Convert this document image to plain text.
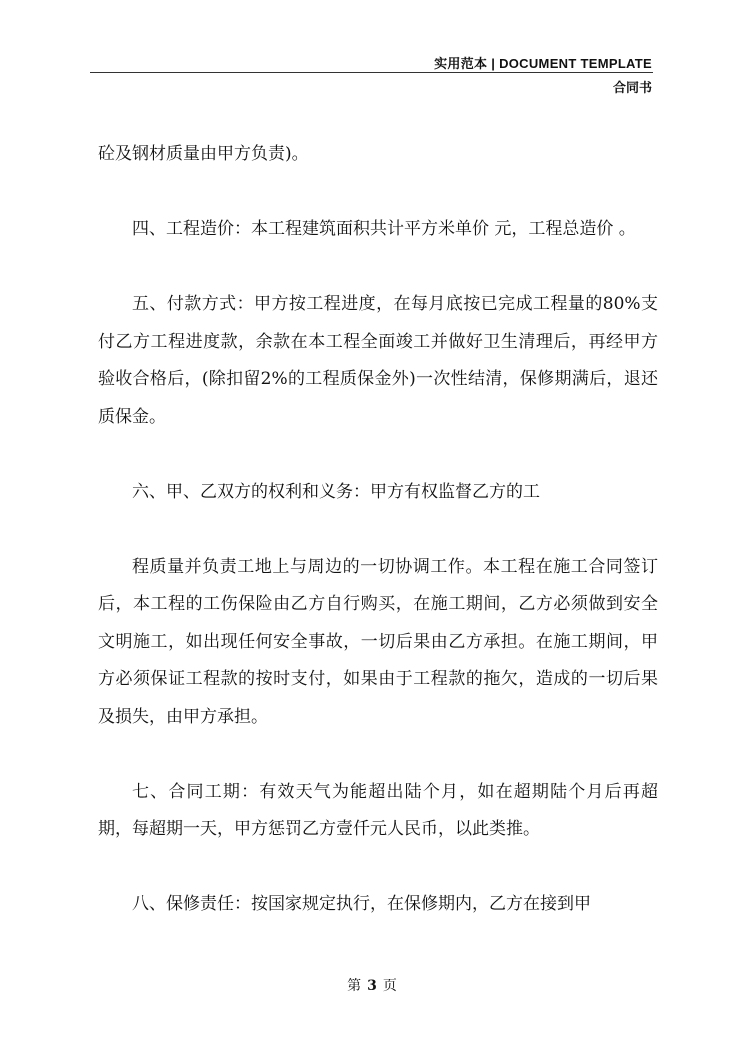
实用范本 | DOCUMENT TEMPLATE
合同书

砼及钢材质量由甲方负责)。

四、工程造价：本工程建筑面积共计平方米单价 元，工程总造价 。

五、付款方式：甲方按工程进度，在每月底按已完成工程量的80%支付乙方工程进度款，余款在本工程全面竣工并做好卫生清理后，再经甲方验收合格后，(除扣留2%的工程质保金外)一次性结清，保修期满后，退还质保金。

六、甲、乙双方的权利和义务：甲方有权监督乙方的工

程质量并负责工地上与周边的一切协调工作。本工程在施工合同签订后，本工程的工伤保险由乙方自行购买，在施工期间，乙方必须做到安全文明施工，如出现任何安全事故，一切后果由乙方承担。在施工期间，甲方必须保证工程款的按时支付，如果由于工程款的拖欠，造成的一切后果及损失，由甲方承担。

七、合同工期：有效天气为能超出陆个月，如在超期陆个月后再超期，每超期一天，甲方惩罚乙方壹仟元人民币，以此类推。

八、保修责任：按国家规定执行，在保修期内，乙方在接到甲

第 3 页
